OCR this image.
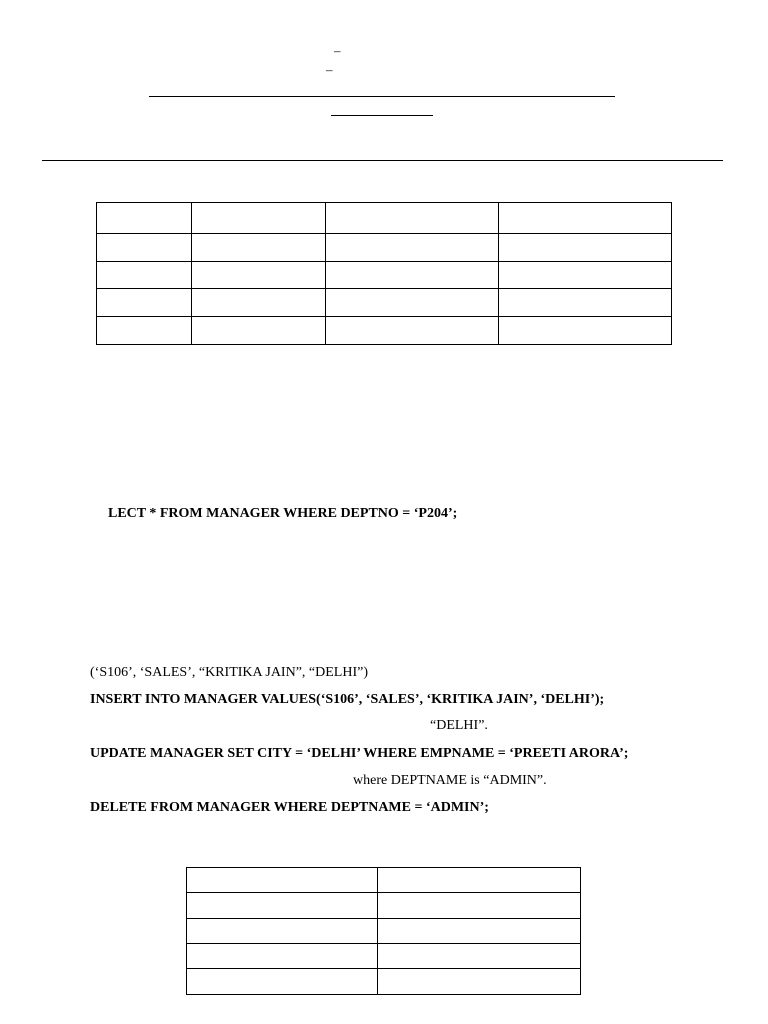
–
–

LECT * FROM MANAGER WHERE DEPTNO = ‘P204’;
(‘S106’, ‘SALES’, “KRITIKA JAIN”, “DELHI”)
INSERT INTO MANAGER VALUES(‘S106’, ‘SALES’, ‘KRITIKA JAIN’, ‘DELHI’);
“DELHI”.
UPDATE MANAGER SET CITY = ‘DELHI’ WHERE EMPNAME = ‘PREETI ARORA’;
where DEPTNAME is “ADMIN”.
DELETE FROM MANAGER WHERE DEPTNAME = ‘ADMIN’;
